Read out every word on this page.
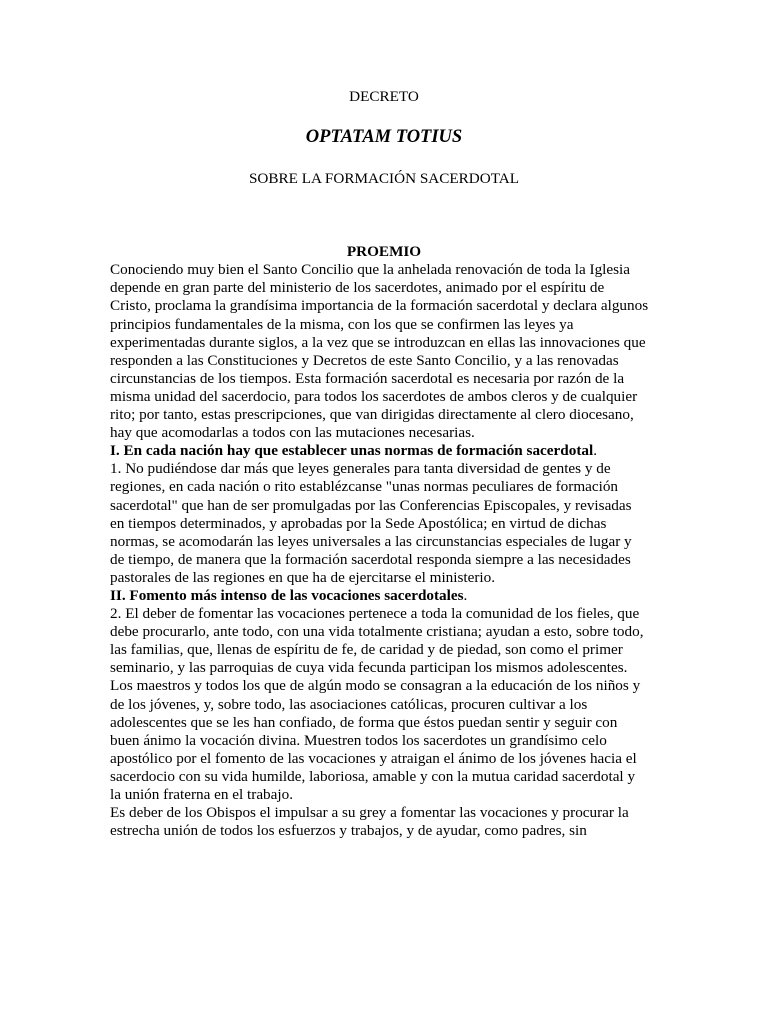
DECRETO
OPTATAM TOTIUS
SOBRE LA FORMACIÓN SACERDOTAL
PROEMIO

Conociendo muy bien el Santo Concilio que la anhelada renovación de toda la Iglesia
depende en gran parte del ministerio de los sacerdotes, animado por el espíritu de
Cristo, proclama la grandísima importancia de la formación sacerdotal y declara algunos
principios fundamentales de la misma, con los que se confirmen las leyes ya
experimentadas durante siglos, a la vez que se introduzcan en ellas las innovaciones que
responden a las Constituciones y Decretos de este Santo Concilio, y a las renovadas
circunstancias de los tiempos. Esta formación sacerdotal es necesaria por razón de la
misma unidad del sacerdocio, para todos los sacerdotes de ambos cleros y de cualquier
rito; por tanto, estas prescripciones, que van dirigidas directamente al clero diocesano,
hay que acomodarlas a todos con las mutaciones necesarias.

I. En cada nación hay que establecer unas normas de formación sacerdotal.

1. No pudiéndose dar más que leyes generales para tanta diversidad de gentes y de
regiones, en cada nación o rito establézcanse "unas normas peculiares de formación
sacerdotal" que han de ser promulgadas por las Conferencias Episcopales, y revisadas
en tiempos determinados, y aprobadas por la Sede Apostólica; en virtud de dichas
normas, se acomodarán las leyes universales a las circunstancias especiales de lugar y
de tiempo, de manera que la formación sacerdotal responda siempre a las necesidades
pastorales de las regiones en que ha de ejercitarse el ministerio.

II. Fomento más intenso de las vocaciones sacerdotales.

2. El deber de fomentar las vocaciones pertenece a toda la comunidad de los fieles, que
debe procurarlo, ante todo, con una vida totalmente cristiana; ayudan a esto, sobre todo,
las familias, que, llenas de espíritu de fe, de caridad y de piedad, son como el primer
seminario, y las parroquias de cuya vida fecunda participan los mismos adolescentes.
Los maestros y todos los que de algún modo se consagran a la educación de los niños y
de los jóvenes, y, sobre todo, las asociaciones católicas, procuren cultivar a los
adolescentes que se les han confiado, de forma que éstos puedan sentir y seguir con
buen ánimo la vocación divina. Muestren todos los sacerdotes un grandísimo celo
apostólico por el fomento de las vocaciones y atraigan el ánimo de los jóvenes hacia el
sacerdocio con su vida humilde, laboriosa, amable y con la mutua caridad sacerdotal y
la unión fraterna en el trabajo.

Es deber de los Obispos el impulsar a su grey a fomentar las vocaciones y procurar la
estrecha unión de todos los esfuerzos y trabajos, y de ayudar, como padres, sin
